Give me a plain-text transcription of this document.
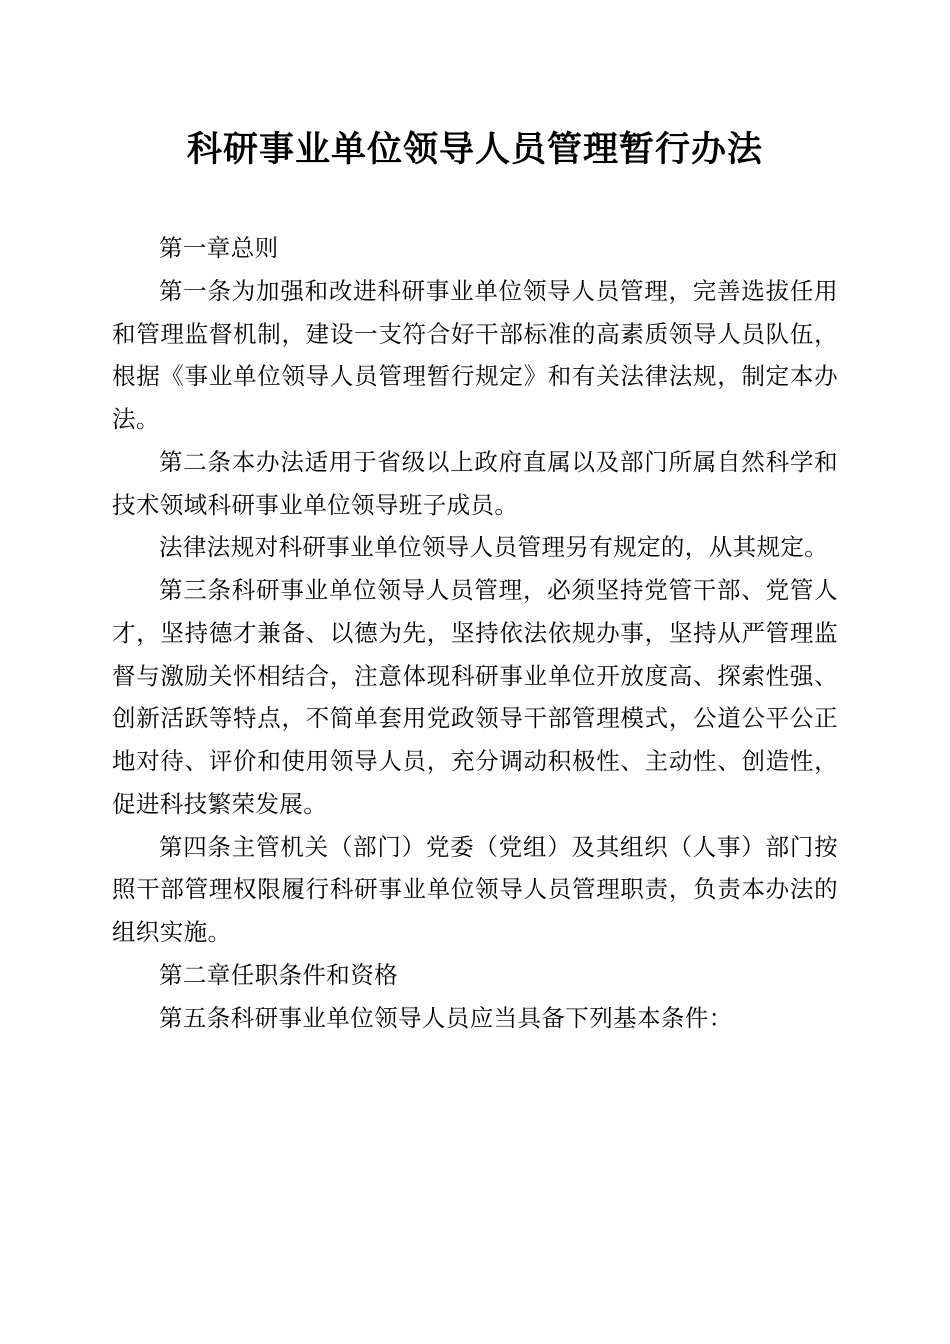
科研事业单位领导人员管理暂行办法

第一章总则

第一条为加强和改进科研事业单位领导人员管理，完善选拔任用和管理监督机制，建设一支符合好干部标准的高素质领导人员队伍，根据《事业单位领导人员管理暂行规定》和有关法律法规，制定本办法。

第二条本办法适用于省级以上政府直属以及部门所属自然科学和技术领域科研事业单位领导班子成员。

法律法规对科研事业单位领导人员管理另有规定的，从其规定。

第三条科研事业单位领导人员管理，必须坚持党管干部、党管人才，坚持德才兼备、以德为先，坚持依法依规办事，坚持从严管理监督与激励关怀相结合，注意体现科研事业单位开放度高、探索性强、创新活跃等特点，不简单套用党政领导干部管理模式，公道公平公正地对待、评价和使用领导人员，充分调动积极性、主动性、创造性，促进科技繁荣发展。

第四条主管机关（部门）党委（党组）及其组织（人事）部门按照干部管理权限履行科研事业单位领导人员管理职责，负责本办法的组织实施。

第二章任职条件和资格

第五条科研事业单位领导人员应当具备下列基本条件：
